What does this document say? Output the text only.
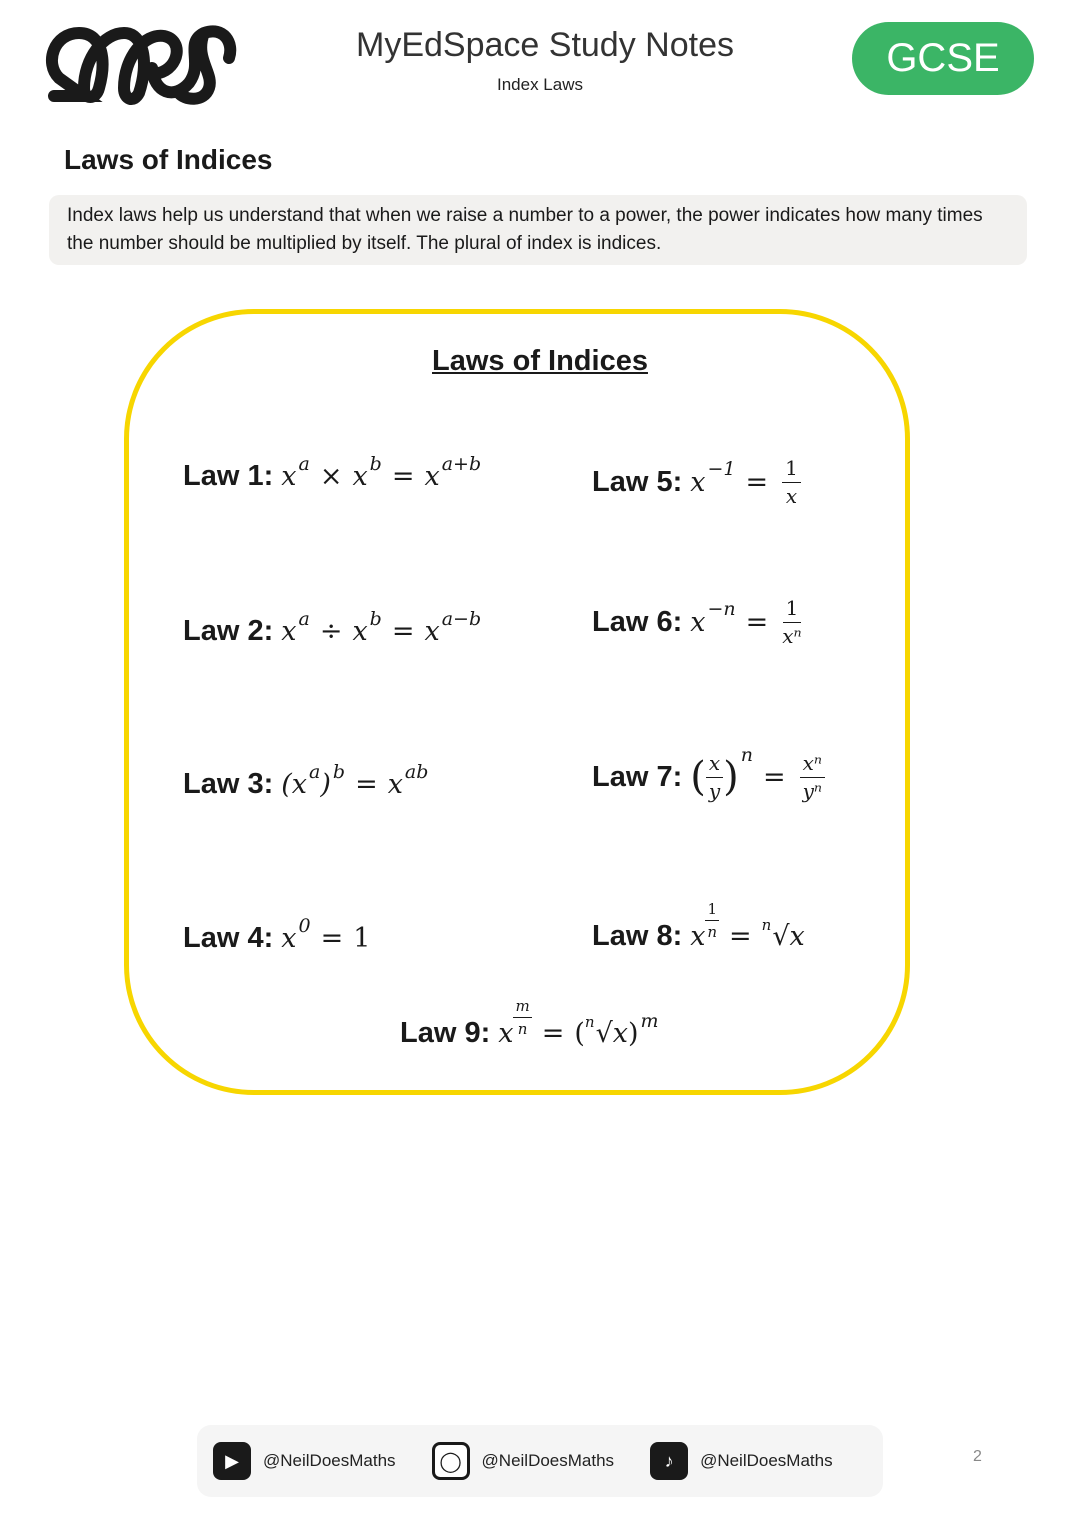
MyEdSpace Study Notes
Index Laws
GCSE
Laws of Indices
Index laws help us understand that when we raise a number to a power, the power indicates how many times the number should be multiplied by itself. The plural of index is indices.
Laws of Indices
Law 1: x a × x b = x a+b
Law 2: x a ÷ x b = x a−b
Law 3: (x a ) b = x ab
Law 4: x 0 = 1
Law 5: $x -1 = \frac{1}{x}$
Law 6: $x -n = \frac{1}{\text{xⁿ}}$
Law 7: ( $\frac{x}{y}$ ) n
= $\frac{\text{xⁿ}}{\text{yⁿ}}$
Law 8: x $\frac{1}{n} = n$ √x
Law 9: x $\frac{m}{n}$ = ( n √x ) m
▶	@NeilDoesMaths	◯	@NeilDoesMaths	♪	@NeilDoesMaths	2
